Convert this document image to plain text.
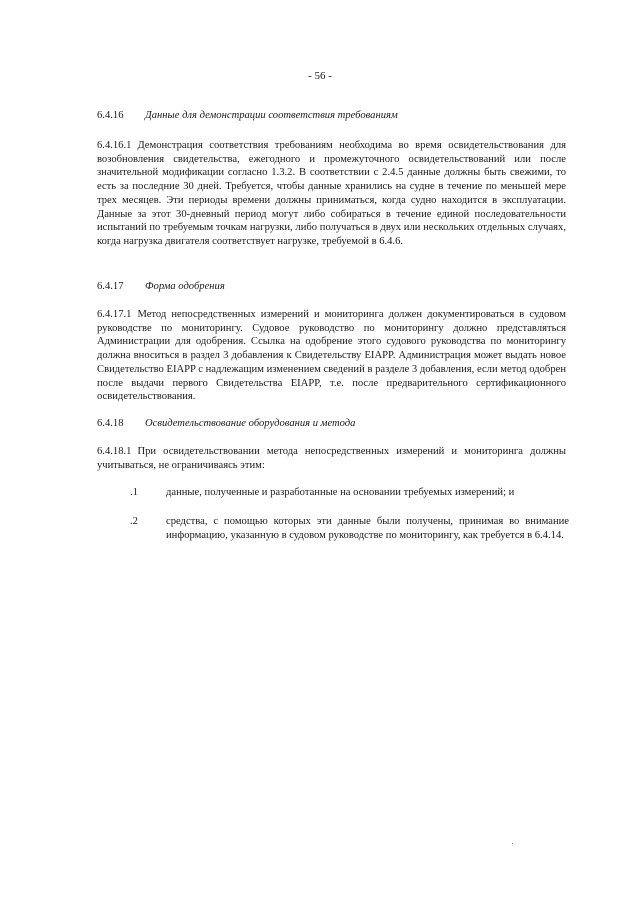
- 56 -
6.4.16 Данные для демонстрации соответствия требованиям

6.4.16.1 Демонстрация соответствия требованиям необходима во время освидетельствования для возобновления свидетельства, ежегодного и промежуточного освидетельствований или после значительной модификации согласно 1.3.2. В соответствии с 2.4.5 данные должны быть свежими, то есть за последние 30 дней. Требуется, чтобы данные хранились на судне в течение по меньшей мере трех месяцев. Эти периоды времени должны приниматься, когда судно находится в эксплуатации. Данные за этот 30-дневный период могут либо собираться в течение единой последовательности испытаний по требуемым точкам нагрузки, либо получаться в двух или нескольких отдельных случаях, когда нагрузка двигателя соответствует нагрузке, требуемой в 6.4.6.

6.4.17 Форма одобрения

6.4.17.1 Метод непосредственных измерений и мониторинга должен документироваться в судовом руководстве по мониторингу. Судовое руководство по мониторингу должно представляться Администрации для одобрения. Ссылка на одобрение этого судового руководства по мониторингу должна вноситься в раздел 3 добавления к Свидетельству EIAPP. Администрация может выдать новое Свидетельство EIAPP с надлежащим изменением сведений в разделе 3 добавления, если метод одобрен после выдачи первого Свидетельства EIAPP, т.е. после предварительного сертификационного освидетельствования.

6.4.18 Освидетельствование оборудования и метода

6.4.18.1 При освидетельствовании метода непосредственных измерений и мониторинга должны учитываться, не ограничиваясь этим:

.1	данные, полученные и разработанные на основании требуемых измерений; и

.2	средства, с помощью которых эти данные были получены, принимая во внимание информацию, указанную в судовом руководстве по мониторингу, как требуется в 6.4.14.
